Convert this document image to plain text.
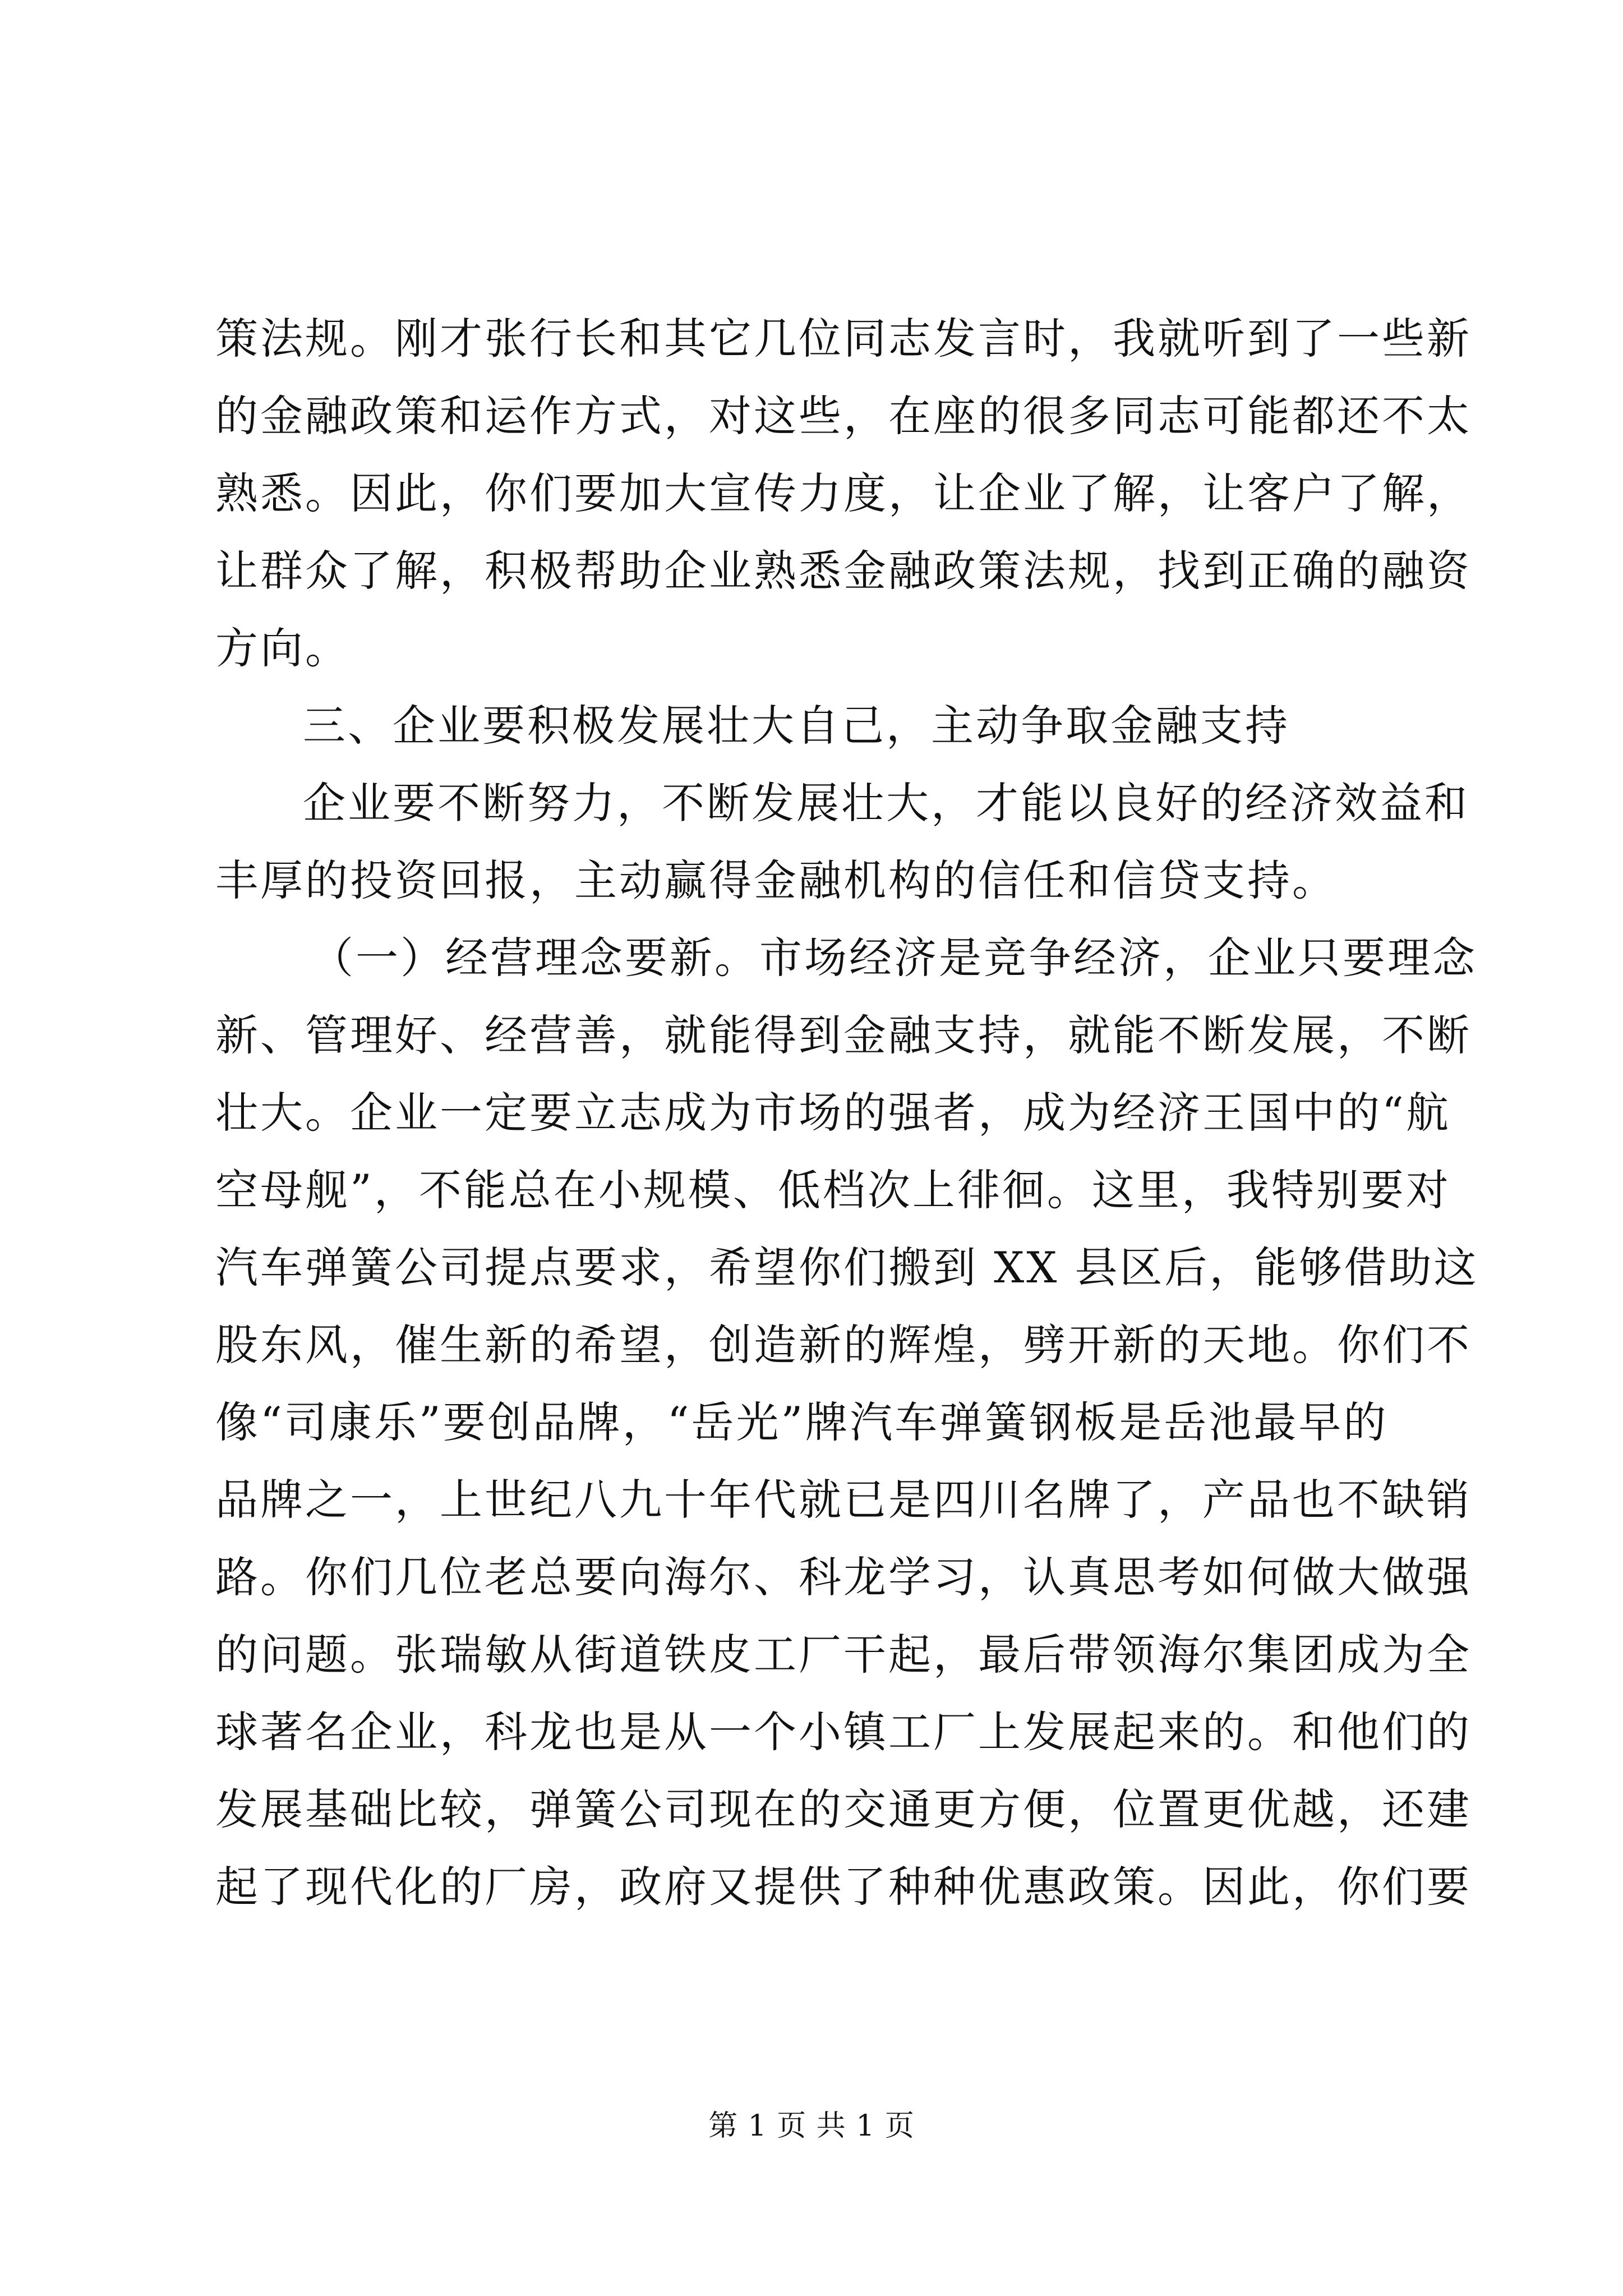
策法规。刚才张行长和其它几位同志发言时，我就听到了一些新
的金融政策和运作方式，对这些，在座的很多同志可能都还不太
熟悉。因此，你们要加大宣传力度，让企业了解，让客户了解，
让群众了解，积极帮助企业熟悉金融政策法规，找到正确的融资
方向。
三、企业要积极发展壮大自己，主动争取金融支持
企业要不断努力，不断发展壮大，才能以良好的经济效益和
丰厚的投资回报，主动赢得金融机构的信任和信贷支持。
（一）经营理念要新。市场经济是竞争经济，企业只要理念
新、管理好、经营善，就能得到金融支持，就能不断发展，不断
壮大。企业一定要立志成为市场的强者，成为经济王国中的“航
空母舰”，不能总在小规模、低档次上徘徊。这里，我特别要对
汽车弹簧公司提点要求，希望你们搬到 XX 县区后，能够借助这
股东风，催生新的希望，创造新的辉煌，劈开新的天地。你们不
像“司康乐”要创品牌，“岳光”牌汽车弹簧钢板是岳池最早的
品牌之一，上世纪八九十年代就已是四川名牌了，产品也不缺销
路。你们几位老总要向海尔、科龙学习，认真思考如何做大做强
的问题。张瑞敏从街道铁皮工厂干起，最后带领海尔集团成为全
球著名企业，科龙也是从一个小镇工厂上发展起来的。和他们的
发展基础比较，弹簧公司现在的交通更方便，位置更优越，还建
起了现代化的厂房，政府又提供了种种优惠政策。因此，你们要
第 1 页 共 1 页
